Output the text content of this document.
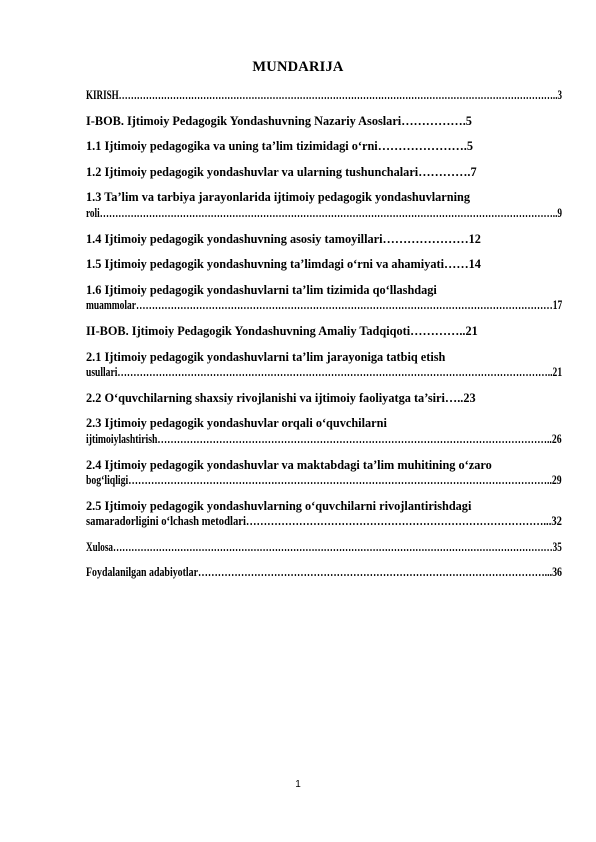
MUNDARIJA
KIRISH………………………………………………………………………………………………………………………………..3
I-BOB. Ijtimoiy Pedagogik Yondashuvning Nazariy Asoslari…………….5
1.1 Ijtimoiy pedagogika va uning ta’lim tizimidagi o‘rni………………….5
1.2 Ijtimoiy pedagogik yondashuvlar va ularning tushunchalari………….7
1.3 Ta’lim va tarbiya jarayonlarida ijtimoiy pedagogik yondashuvlarning
roli…………………………………………………………………………………………………………………………………..9
1.4 Ijtimoiy pedagogik yondashuvning asosiy tamoyillari…………………12
1.5 Ijtimoiy pedagogik yondashuvning ta’limdagi o‘rni va ahamiyati……14
1.6 Ijtimoiy pedagogik yondashuvlarni ta’lim tizimida qo‘llashdagi
muammolar……………………………………………………………………………………………………………………17
II-BOB. Ijtimoiy Pedagogik Yondashuvning Amaliy Tadqiqoti…………..21
2.1 Ijtimoiy pedagogik yondashuvlarni ta’lim jarayoniga tatbiq etish
usullari………………………………………………………………………………………………………………………..21
2.2 O‘quvchilarning shaxsiy rivojlanishi va ijtimoiy faoliyatga ta’siri…..23
2.3 Ijtimoiy pedagogik yondashuvlar orqali o‘quvchilarni
ijtimoiylashtirish…………………………………………………………………………………………………………..26
2.4 Ijtimoiy pedagogik yondashuvlar va maktabdagi ta’lim muhitining o‘zaro
bog‘liqligi…………………………………………………………………………………………………………………..29
2.5 Ijtimoiy pedagogik yondashuvlarning o‘quvchilarni rivojlantirishdagi
samaradorligini o‘lchash metodlari…………………………………………………………………………...32
Xulosa………………………………………………………………………………………………………………………………35
Foydalanilgan adabiyotlar……………………………………………………………………………………………...36
1
